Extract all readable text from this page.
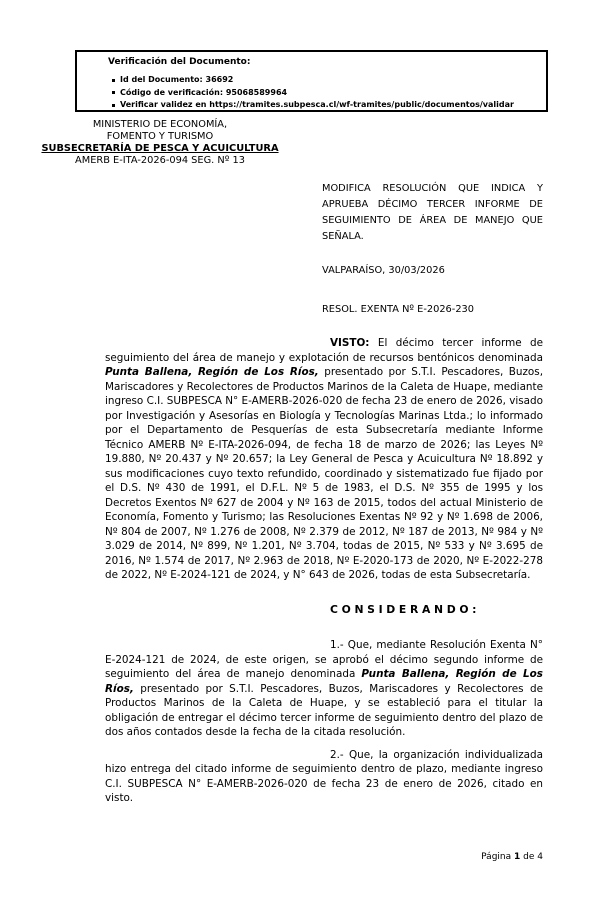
Verificación del Documento:
Id del Documento: 36692
Código de verificación: 95068589964
Verificar validez en https://tramites.subpesca.cl/wf-tramites/public/documentos/validar
MINISTERIO DE ECONOMÍA,
FOMENTO Y TURISMO
SUBSECRETARÍA DE PESCA Y ACUICULTURA
AMERB E-ITA-2026-094 SEG. Nº 13

MODIFICA RESOLUCIÓN QUE INDICA Y APRUEBA DÉCIMO TERCER INFORME DE SEGUIMIENTO DE ÁREA DE MANEJO QUE SEÑALA.

VALPARAÍSO, 30/03/2026

RESOL. EXENTA Nº E-2026-230

VISTO: El décimo tercer informe de seguimiento del área de manejo y explotación de recursos bentónicos denominada Punta Ballena, Región de Los Ríos, presentado por S.T.I. Pescadores, Buzos, Mariscadores y Recolectores de Productos Marinos de la Caleta de Huape, mediante ingreso C.I. SUBPESCA N° E-AMERB-2026-020 de fecha 23 de enero de 2026, visado por Investigación y Asesorías en Biología y Tecnologías Marinas Ltda.; lo informado por el Departamento de Pesquerías de esta Subsecretaría mediante Informe Técnico AMERB Nº E-ITA-2026-094, de fecha 18 de marzo de 2026; las Leyes Nº 19.880, Nº 20.437 y Nº 20.657; la Ley General de Pesca y Acuicultura Nº 18.892 y sus modificaciones cuyo texto refundido, coordinado y sistematizado fue fijado por el D.S. Nº 430 de 1991, el D.F.L. Nº 5 de 1983, el D.S. Nº 355 de 1995 y los Decretos Exentos Nº 627 de 2004 y Nº 163 de 2015, todos del actual Ministerio de Economía, Fomento y Turismo; las Resoluciones Exentas Nº 92 y Nº 1.698 de 2006, Nº 804 de 2007, Nº 1.276 de 2008, Nº 2.379 de 2012, Nº 187 de 2013, Nº 984 y Nº 3.029 de 2014, Nº 899, Nº 1.201, Nº 3.704, todas de 2015, Nº 533 y Nº 3.695 de 2016, Nº 1.574 de 2017, Nº 2.963 de 2018, Nº E-2020-173 de 2020, Nº E-2022-278 de 2022, Nº E-2024-121 de 2024, y N° 643 de 2026, todas de esta Subsecretaría.

CONSIDERANDO:

1.- Que, mediante Resolución Exenta N° E-2024-121 de 2024, de este origen, se aprobó el décimo segundo informe de seguimiento del área de manejo denominada Punta Ballena, Región de Los Ríos, presentado por S.T.I. Pescadores, Buzos, Mariscadores y Recolectores de Productos Marinos de la Caleta de Huape, y se estableció para el titular la obligación de entregar el décimo tercer informe de seguimiento dentro del plazo de dos años contados desde la fecha de la citada resolución.

2.- Que, la organización individualizada hizo entrega del citado informe de seguimiento dentro de plazo, mediante ingreso C.I. SUBPESCA N° E-AMERB-2026-020 de fecha 23 de enero de 2026, citado en visto.

Página 1 de 4
